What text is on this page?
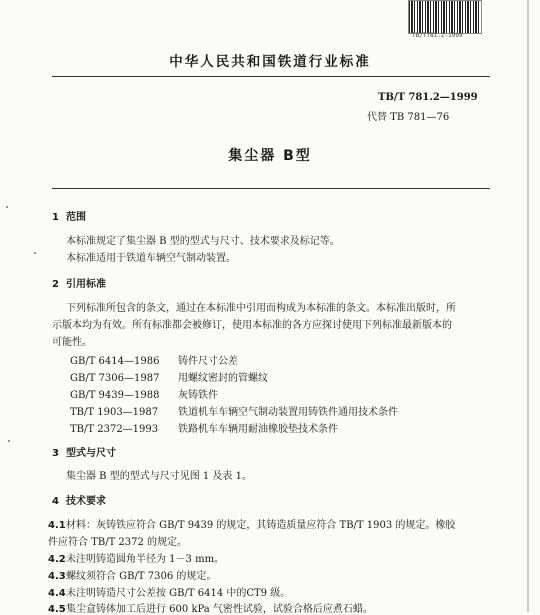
TB/T781.2-1999
中华人民共和国铁道行业标准
TB/T 781.2—1999
代替 TB 781—76
集尘器 B型
1 范围
本标准规定了集尘器 B 型的型式与尺寸、技术要求及标记等。
本标准适用于铁道车辆空气制动装置。
2 引用标准
下列标准所包含的条文，通过在本标准中引用而构成为本标准的条文。本标准出版时，所
示版本均为有效。所有标准都会被修订，使用本标准的各方应探讨使用下列标准最新版本的
可能性。
GB/T 6414—1986 铸件尺寸公差
GB/T 7306—1987 用螺纹密封的管螺纹
GB/T 9439—1988 灰铸铁件
TB/T 1903—1987 铁道机车车辆空气制动装置用铸铁件通用技术条件
TB/T 2372—1993 铁路机车车辆用耐油橡胶垫技术条件
3 型式与尺寸
集尘器 B 型的型式与尺寸见图 1 及表 1。
4 技术要求
4.1材料：灰铸铁应符合 GB/T 9439 的规定，其铸造质量应符合 TB/T 1903 的规定。橡胶
件应符合 TB/T 2372 的规定。
4.2未注明铸造圆角半径为 1－3 mm。
4.3螺纹须符合 GB/T 7306 的规定。
4.4未注明铸造尺寸公差按 GB/T 6414 中的CT9 级。
4.5集尘盒铸体加工后进行 600 kPa 气密性试验，试验合格后应煮石蜡。
